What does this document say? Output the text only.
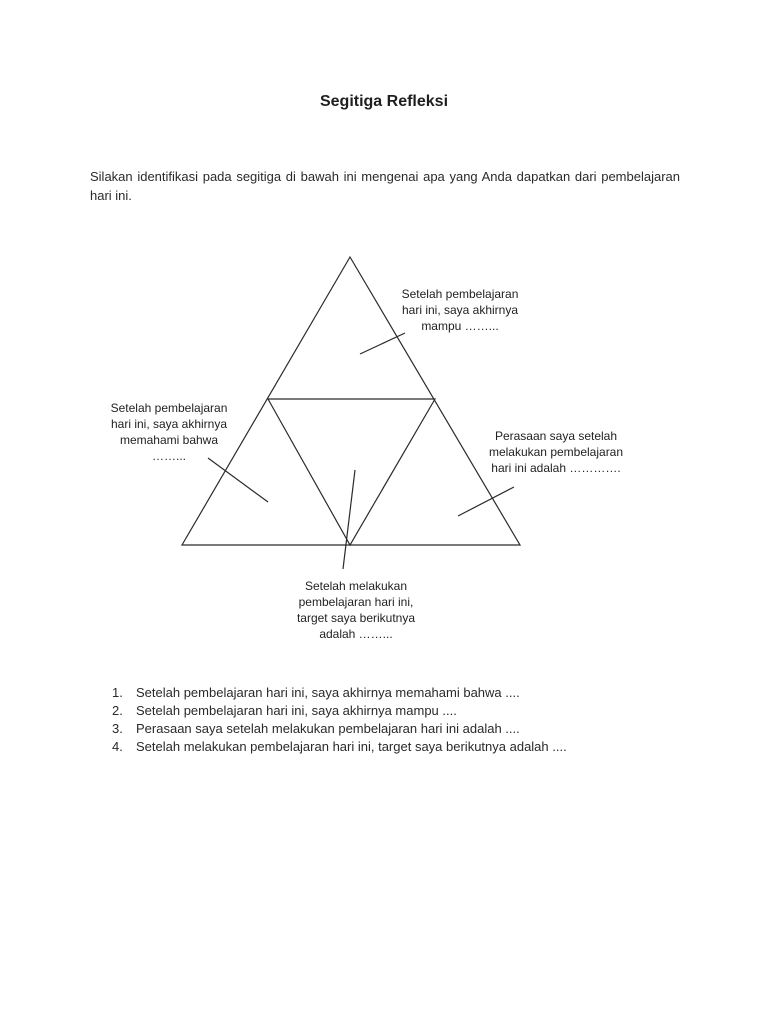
Segitiga Refleksi
Silakan identifikasi pada segitiga di bawah ini mengenai apa yang Anda dapatkan dari pembelajaran hari ini.
Setelah pembelajaran
hari ini, saya akhirnya
mampu ……...
Setelah pembelajaran
hari ini, saya akhirnya
memahami bahwa
……...
Perasaan saya setelah
melakukan pembelajaran
hari ini adalah ………….
Setelah melakukan
pembelajaran hari ini,
target saya berikutnya
adalah ……...
1.	Setelah pembelajaran hari ini, saya akhirnya memahami bahwa ....
2.	Setelah pembelajaran hari ini, saya akhirnya mampu ....
3.	Perasaan saya setelah melakukan pembelajaran hari ini adalah ....
4.	Setelah melakukan pembelajaran hari ini, target saya berikutnya adalah ....
